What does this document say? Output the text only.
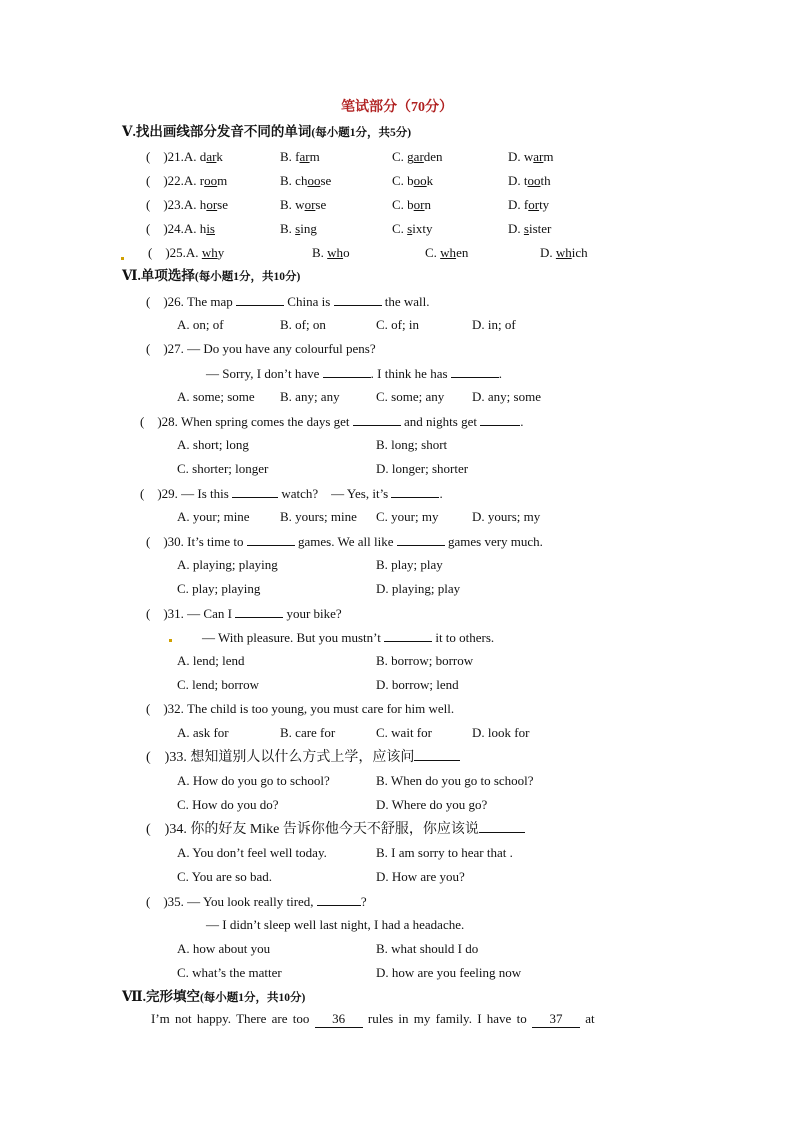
笔试部分（70分）
Ⅴ.找出画线部分发音不同的单词(每小题1分，共5分)
(    )21.A. dark	B. farm	C. garden	D. warm
(    )22.A. room	B. choose	C. book	D. tooth
(    )23.A. horse	B. worse	C. born	D. forty
(    )24.A. his	B. sing	C. sixty	D. sister
(    )25.A. why	B. who	C. when	D. which
Ⅵ.单项选择(每小题1分，共10分)
(    )26. The map	China is	the wall.
A. on; of	B. of; on	C. of; in	D. in; of
(    )27. — Do you have any colourful pens?
— Sorry, I don’t have	. I think he has	.
A. some; some B. any; any	C. some; any D. any; some
(    )28. When spring comes the days get	and nights get	.
A. short; long	B. long; short
C. shorter; longer	D. longer; shorter
(    )29. — Is this	watch? — Yes, it’s	.
A. your; mine B. yours; mine C. your; my	D. yours; my
(    )30. It’s time to	games. We all like	games very much.
A. playing; playing	B. play; play
C. play; playing	D. playing; play
(    )31. — Can I	your bike?
— With pleasure. But you mustn’t	it to others.
A. lend; lend	B. borrow; borrow
C. lend; borrow	D. borrow; lend
(    )32. The child is too young, you must care for him well.
A. ask for	B. care for	C. wait for	D. look for
(    )33. 想知道别人以什么方式上学，应该问
A. How do you go to school?	B. When do you go to school?
C. How do you do?	D. Where do you go?
(    )34. 你的好友 Mike 告诉你他今天不舒服，你应该说
A. You don’t feel well today.	B. I am sorry to hear that .
C. You are so bad.	D. How are you?
(    )35. — You look really tired,	?
— I didn’t sleep well last night, I had a headache.
A. how about you	B. what should I do
C. what’s the matter	D. how are you feeling now
Ⅶ.完形填空(每小题1分，共10分)
I’m not happy. There are too 36 rules in my family. I have to 37 at
